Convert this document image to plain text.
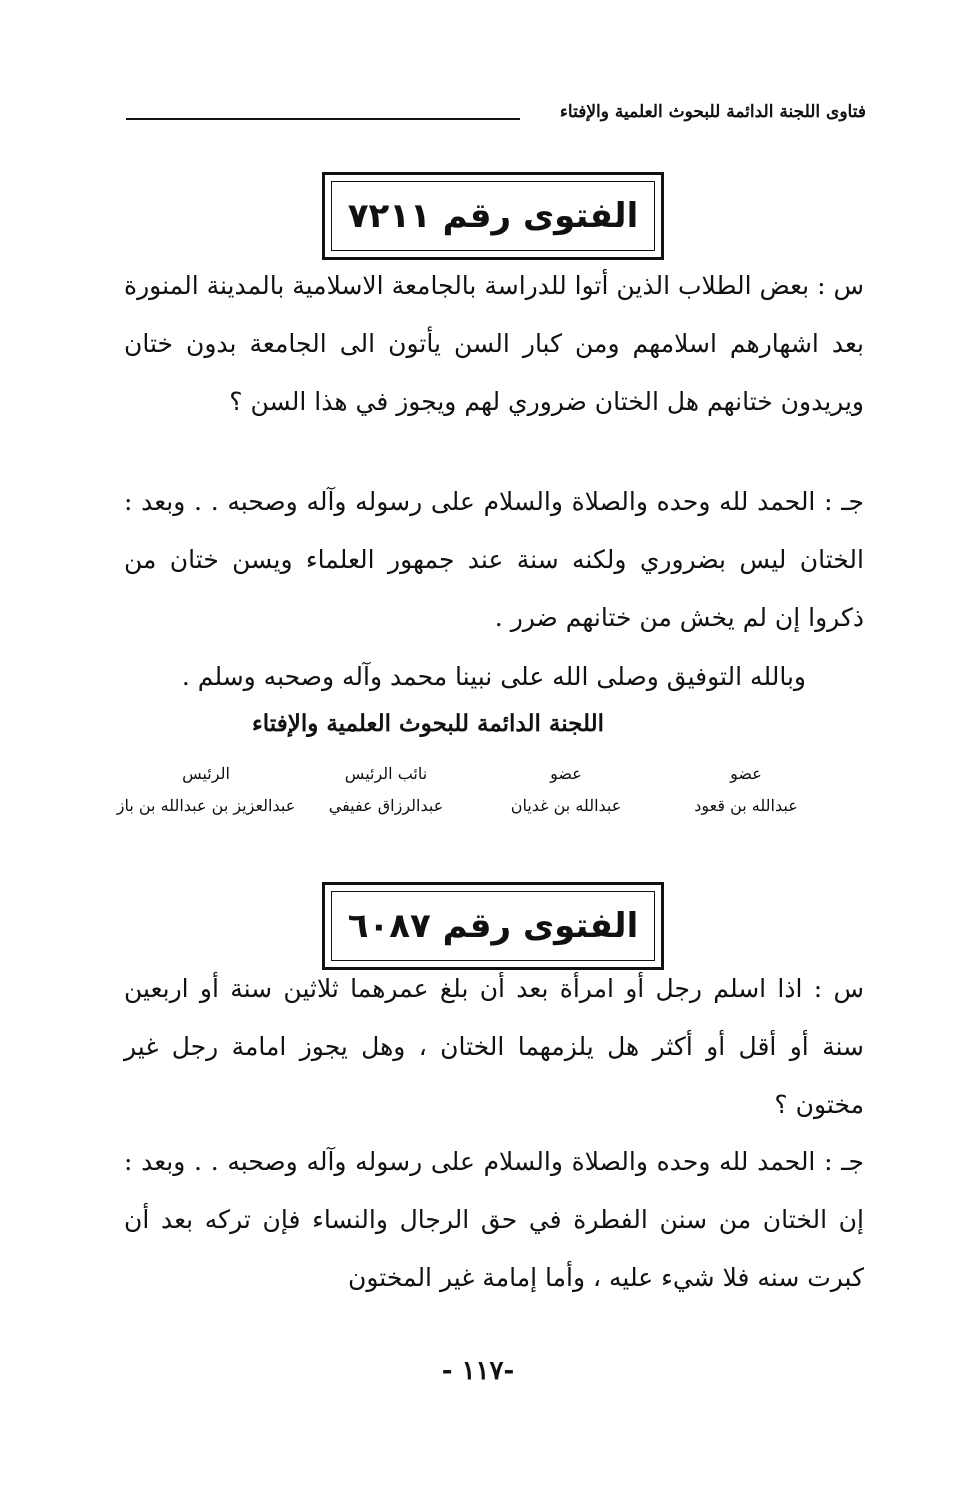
فتاوى اللجنة الدائمة للبحوث العلمية والإفتاء
الفتوى رقم ٧٢١١

س : بعض الطلاب الذين أتوا للدراسة بالجامعة الاسلامية بالمدينة المنورة بعد اشهارهم اسلامهم ومن كبار السن يأتون الى الجامعة بدون ختان ويريدون ختانهم هل الختان ضروري لهم ويجوز في هذا السن ؟

جـ : الحمد لله وحده والصلاة والسلام على رسوله وآله وصحبه . . وبعد : الختان ليس بضروري ولكنه سنة عند جمهور العلماء ويسن ختان من ذكروا إن لم يخش من ختانهم ضرر .

وبالله التوفيق وصلى الله على نبينا محمد وآله وصحبه وسلم .

اللجنة الدائمة للبحوث العلمية والإفتاء

عضو
عبدالله بن قعود
عضو
عبدالله بن غديان
نائب الرئيس
عبدالرزاق عفيفي
الرئيس
عبدالعزيز بن عبدالله بن باز
الفتوى رقم ٦٠٨٧

س : اذا اسلم رجل أو امرأة بعد أن بلغ عمرهما ثلاثين سنة أو اربعين سنة أو أقل أو أكثر هل يلزمهما الختان ، وهل يجوز امامة رجل غير مختون ؟

جـ : الحمد لله وحده والصلاة والسلام على رسوله وآله وصحبه . . وبعد : إن الختان من سنن الفطرة في حق الرجال والنساء فإن تركه بعد أن كبرت سنه فلا شيء عليه ، وأما إمامة غير المختون

- ١١٧-
